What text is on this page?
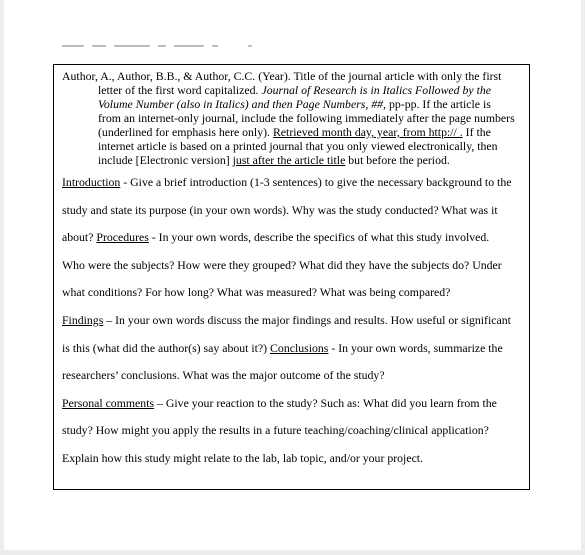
Author, A., Author, B.B., & Author, C.C. (Year). Title of the journal article with only the first
letter of the first word capitalized. Journal of Research is in Italics Followed by the
Volume Number (also in Italics) and then Page Numbers, ##, pp-pp. If the article is
from an internet-only journal, include the following immediately after the page numbers
(underlined for emphasis here only). Retrieved month day, year, from http:// . If the
internet article is based on a printed journal that you only viewed electronically, then
include [Electronic version] just after the article title but before the period.

Introduction - Give a brief introduction (1-3 sentences) to give the necessary background to the

study and state its purpose (in your own words). Why was the study conducted? What was it

about? Procedures - In your own words, describe the specifics of what this study involved.

Who were the subjects? How were they grouped? What did they have the subjects do? Under

what conditions? For how long? What was measured? What was being compared?

Findings – In your own words discuss the major findings and results. How useful or significant

is this (what did the author(s) say about it?) Conclusions - In your own words, summarize the

researchers’ conclusions. What was the major outcome of the study?

Personal comments – Give your reaction to the study? Such as: What did you learn from the

study? How might you apply the results in a future teaching/coaching/clinical application?

Explain how this study might relate to the lab, lab topic, and/or your project.
